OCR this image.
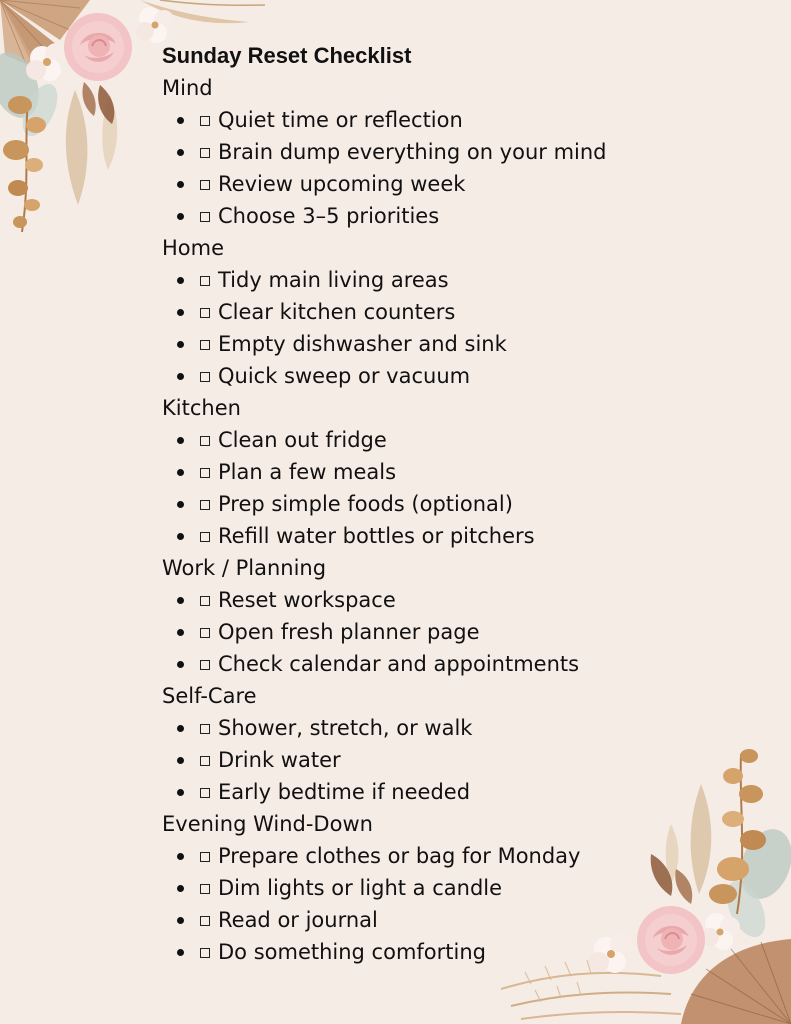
Sunday Reset Checklist
Mind
Quiet time or reflection
Brain dump everything on your mind
Review upcoming week
Choose 3–5 priorities
Home
Tidy main living areas
Clear kitchen counters
Empty dishwasher and sink
Quick sweep or vacuum
Kitchen
Clean out fridge
Plan a few meals
Prep simple foods (optional)
Refill water bottles or pitchers
Work / Planning
Reset workspace
Open fresh planner page
Check calendar and appointments
Self-Care
Shower, stretch, or walk
Drink water
Early bedtime if needed
Evening Wind-Down
Prepare clothes or bag for Monday
Dim lights or light a candle
Read or journal
Do something comforting
